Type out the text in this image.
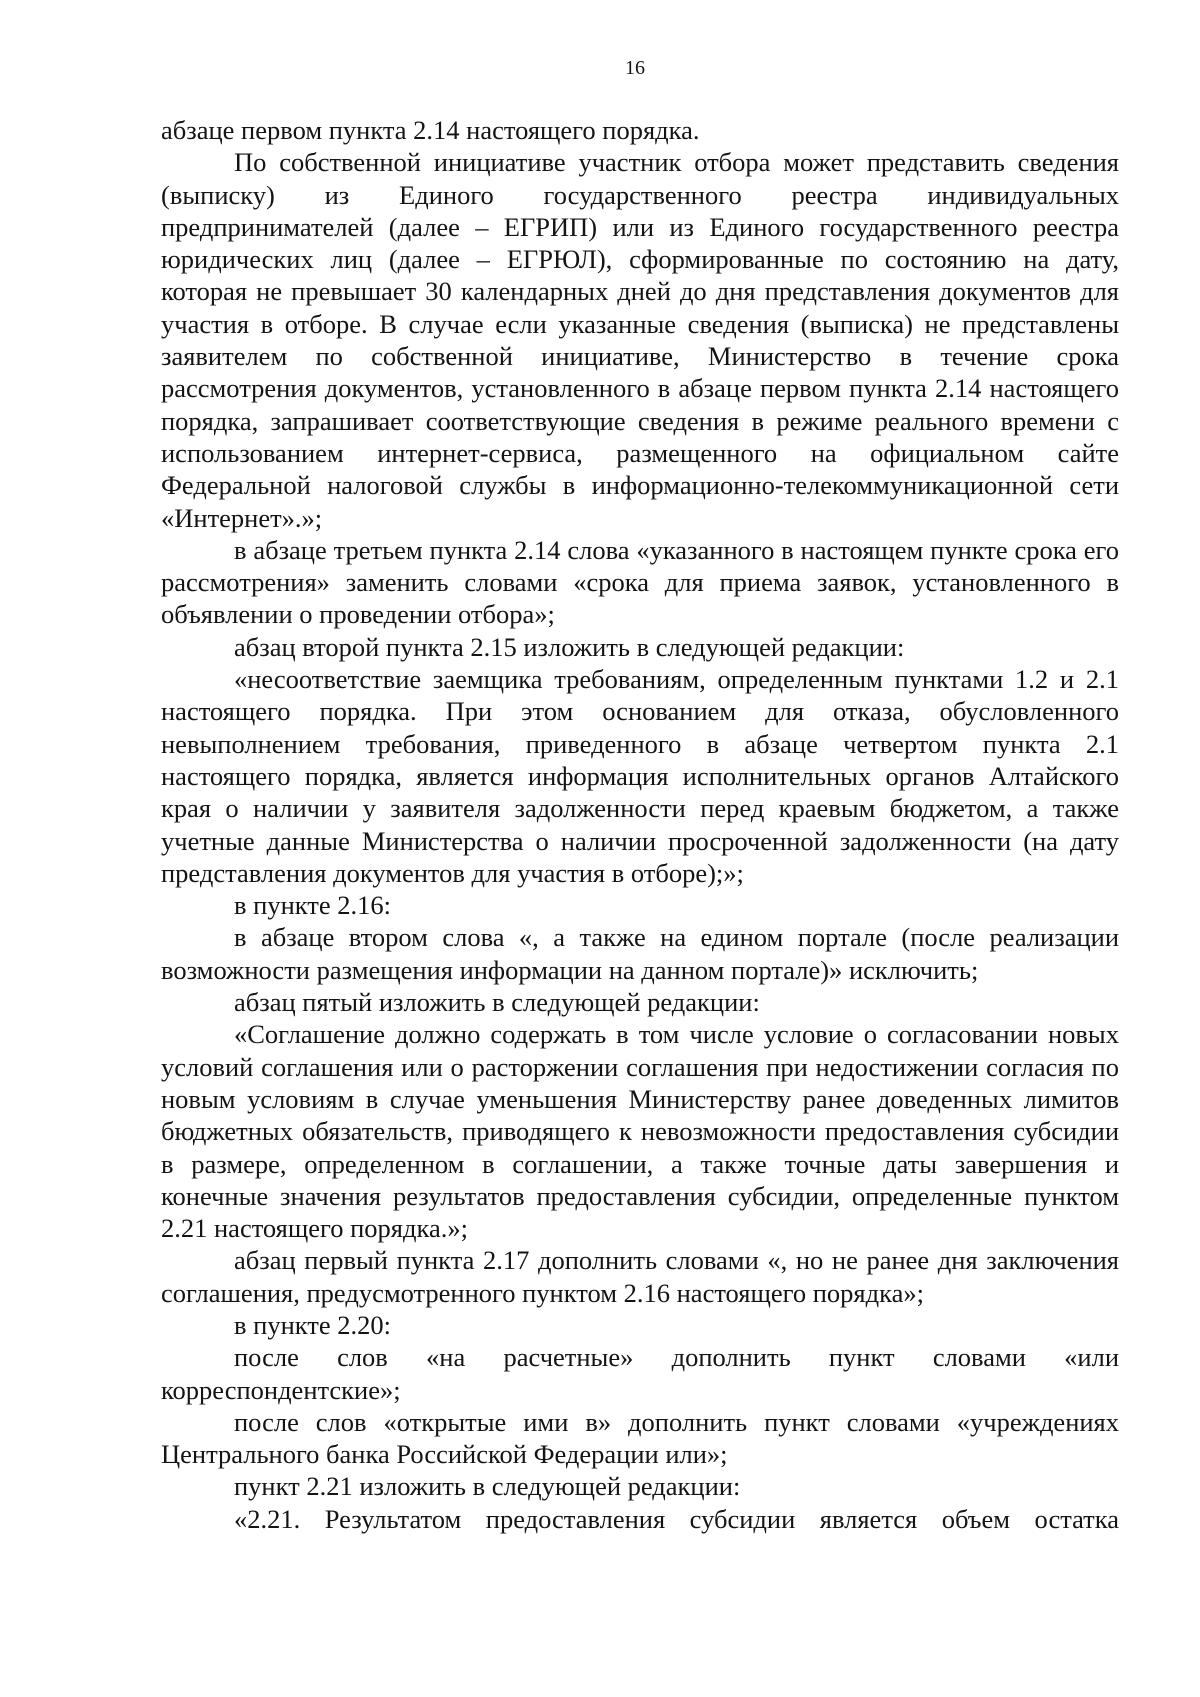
16

абзаце первом пункта 2.14 настоящего порядка.

По собственной инициативе участник отбора может представить сведения (выписку) из Единого государственного реестра индивидуальных предпринимателей (далее – ЕГРИП) или из Единого государственного реестра юридических лиц (далее – ЕГРЮЛ), сформированные по состоянию на дату, которая не превышает 30 календарных дней до дня представления документов для участия в отборе. В случае если указанные сведения (выписка) не представлены заявителем по собственной инициативе, Министерство в течение срока рассмотрения документов, установленного в абзаце первом пункта 2.14 настоящего порядка, запрашивает соответствующие сведения в режиме реального времени с использованием интернет-сервиса, размещенного на официальном сайте Федеральной налоговой службы в информационно-телекоммуникационной сети «Интернет».»;

в абзаце третьем пункта 2.14 слова «указанного в настоящем пункте срока его рассмотрения» заменить словами «срока для приема заявок, установленного в объявлении о проведении отбора»;

абзац второй пункта 2.15 изложить в следующей редакции:

«несоответствие заемщика требованиям, определенным пунктами 1.2 и 2.1 настоящего порядка. При этом основанием для отказа, обусловленного невыполнением требования, приведенного в абзаце четвертом пункта 2.1 настоящего порядка, является информация исполнительных органов Алтайского края о наличии у заявителя задолженности перед краевым бюджетом, а также учетные данные Министерства о наличии просроченной задолженности (на дату представления документов для участия в отборе);»;

в пункте 2.16:

в абзаце втором слова «, а также на едином портале (после реализации возможности размещения информации на данном портале)» исключить;

абзац пятый изложить в следующей редакции:

«Соглашение должно содержать в том числе условие о согласовании новых условий соглашения или о расторжении соглашения при недостижении согласия по новым условиям в случае уменьшения Министерству ранее доведенных лимитов бюджетных обязательств, приводящего к невозможности предоставления субсидии в размере, определенном в соглашении, а также точные даты завершения и конечные значения результатов предоставления субсидии, определенные пунктом 2.21 настоящего порядка.»;

абзац первый пункта 2.17 дополнить словами «, но не ранее дня заключения соглашения, предусмотренного пунктом 2.16 настоящего порядка»;

в пункте 2.20:

после слов «на расчетные» дополнить пункт словами «или корреспондентские»;

после слов «открытые ими в» дополнить пункт словами «учреждениях Центрального банка Российской Федерации или»;

пункт 2.21 изложить в следующей редакции:

«2.21. Результатом предоставления субсидии является объем остатка
